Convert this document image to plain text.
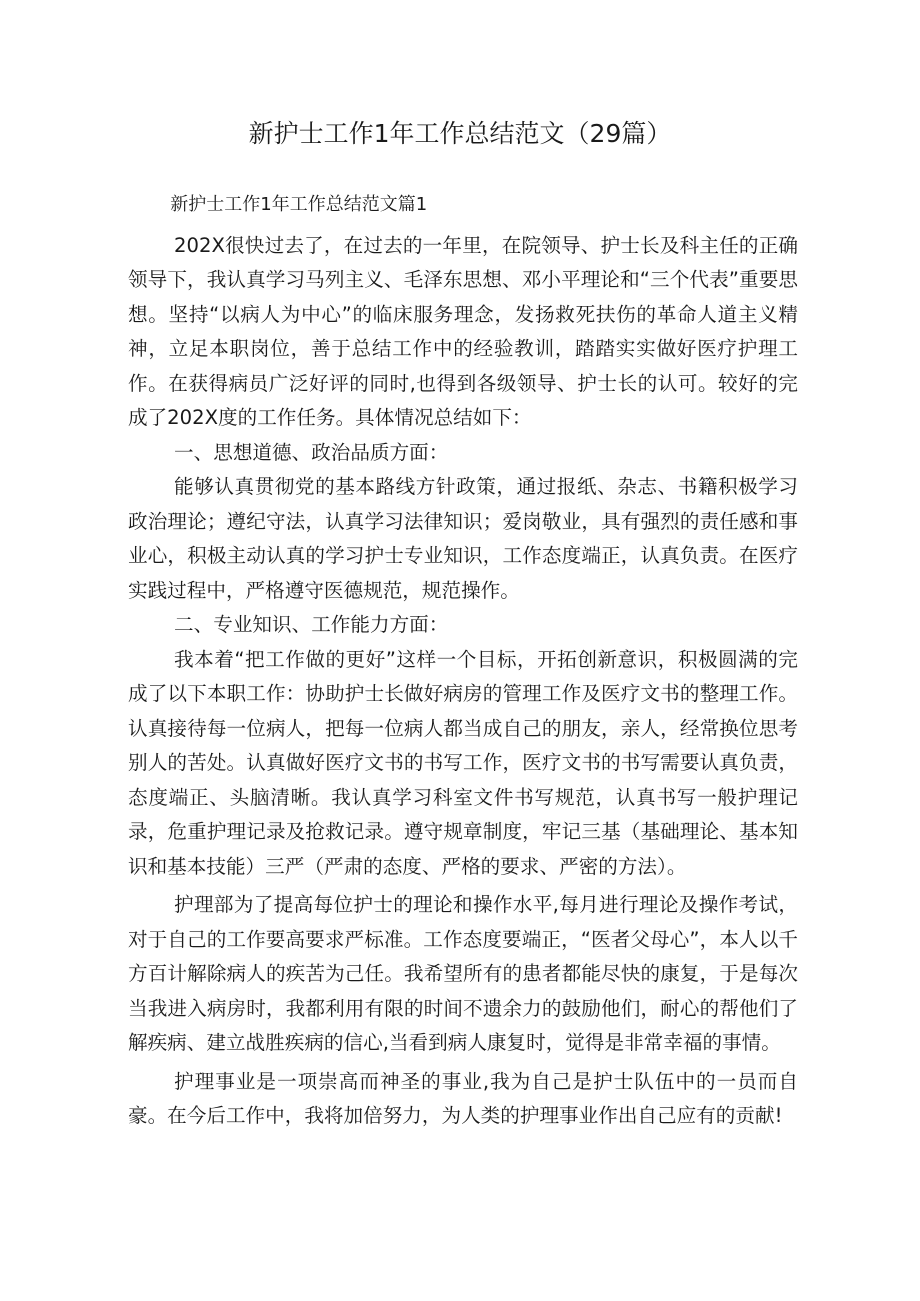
新护士工作1年工作总结范文（29篇）

新护士工作1年工作总结范文篇1

202X很快过去了，在过去的一年里，在院领导、护士长及科主任的正确领导下，我认真学习马列主义、毛泽东思想、邓小平理论和“三个代表”重要思想。坚持“以病人为中心”的临床服务理念，发扬救死扶伤的革命人道主义精神，立足本职岗位，善于总结工作中的经验教训，踏踏实实做好医疗护理工作。在获得病员广泛好评的同时,也得到各级领导、护士长的认可。较好的完成了202X度的工作任务。具体情况总结如下：

一、思想道德、政治品质方面：

能够认真贯彻党的基本路线方针政策，通过报纸、杂志、书籍积极学习政治理论；遵纪守法，认真学习法律知识；爱岗敬业，具有强烈的责任感和事业心，积极主动认真的学习护士专业知识，工作态度端正，认真负责。在医疗实践过程中，严格遵守医德规范，规范操作。

二、专业知识、工作能力方面：

我本着“把工作做的更好”这样一个目标，开拓创新意识，积极圆满的完成了以下本职工作：协助护士长做好病房的管理工作及医疗文书的整理工作。认真接待每一位病人，把每一位病人都当成自己的朋友，亲人，经常换位思考别人的苦处。认真做好医疗文书的书写工作，医疗文书的书写需要认真负责，态度端正、头脑清晰。我认真学习科室文件书写规范，认真书写一般护理记录，危重护理记录及抢救记录。遵守规章制度，牢记三基（基础理论、基本知识和基本技能）三严（严肃的态度、严格的要求、严密的方法）。

护理部为了提高每位护士的理论和操作水平,每月进行理论及操作考试，对于自己的工作要高要求严标准。工作态度要端正，“医者父母心”，本人以千方百计解除病人的疾苦为己任。我希望所有的患者都能尽快的康复，于是每次当我进入病房时，我都利用有限的时间不遗余力的鼓励他们，耐心的帮他们了解疾病、建立战胜疾病的信心,当看到病人康复时，觉得是非常幸福的事情。

护理事业是一项崇高而神圣的事业,我为自己是护士队伍中的一员而自豪。在今后工作中，我将加倍努力，为人类的护理事业作出自己应有的贡献!
